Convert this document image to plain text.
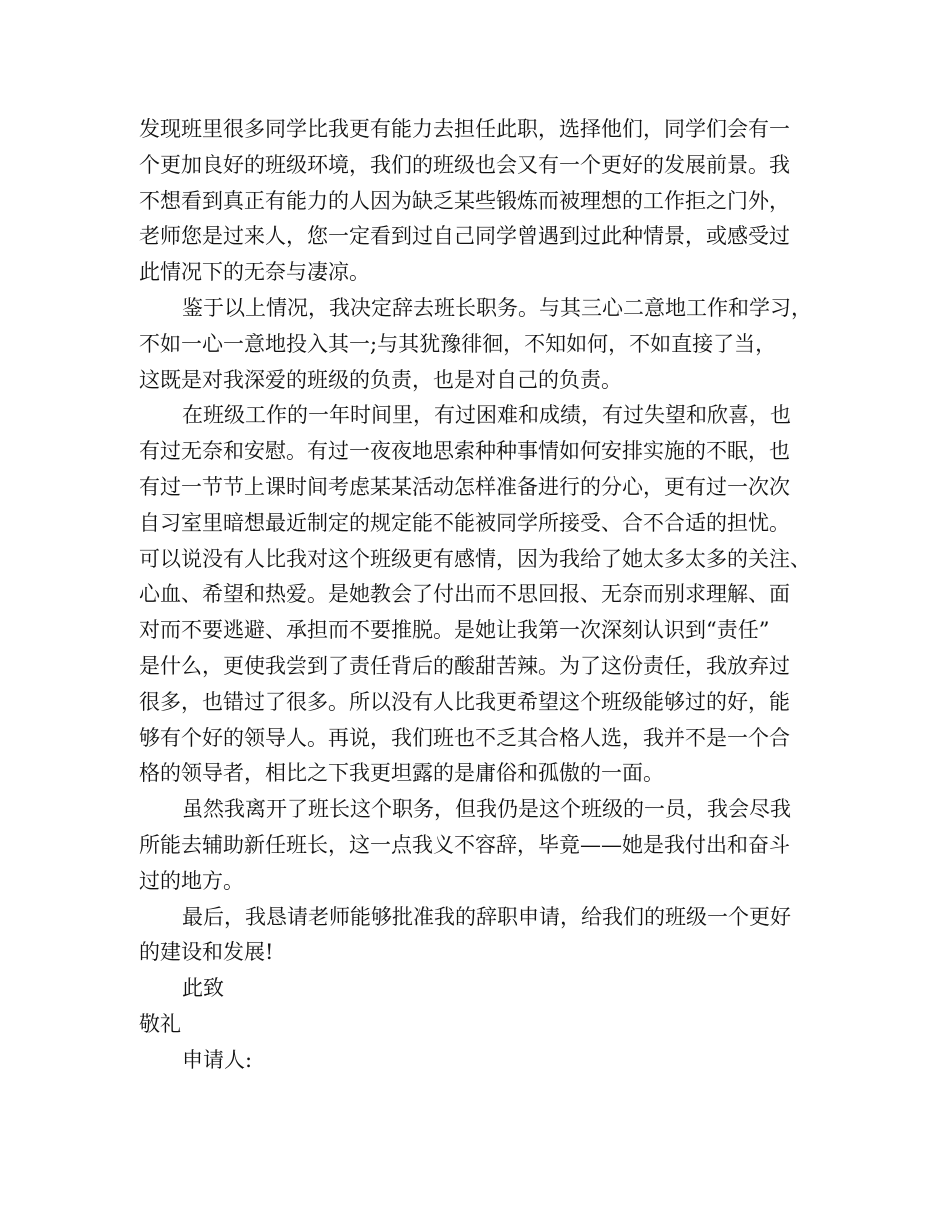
发现班里很多同学比我更有能力去担任此职，选择他们，同学们会有一
个更加良好的班级环境，我们的班级也会又有一个更好的发展前景。我
不想看到真正有能力的人因为缺乏某些锻炼而被理想的工作拒之门外，
老师您是过来人，您一定看到过自己同学曾遇到过此种情景，或感受过
此情况下的无奈与凄凉。
鉴于以上情况，我决定辞去班长职务。与其三心二意地工作和学习，
不如一心一意地投入其一;与其犹豫徘徊，不知如何，不如直接了当，
这既是对我深爱的班级的负责，也是对自己的负责。
在班级工作的一年时间里，有过困难和成绩，有过失望和欣喜，也
有过无奈和安慰。有过一夜夜地思索种种事情如何安排实施的不眠，也
有过一节节上课时间考虑某某活动怎样准备进行的分心，更有过一次次
自习室里暗想最近制定的规定能不能被同学所接受、合不合适的担忧。
可以说没有人比我对这个班级更有感情，因为我给了她太多太多的关注、
心血、希望和热爱。是她教会了付出而不思回报、无奈而别求理解、面
对而不要逃避、承担而不要推脱。是她让我第一次深刻认识到“责任”
是什么，更使我尝到了责任背后的酸甜苦辣。为了这份责任，我放弃过
很多，也错过了很多。所以没有人比我更希望这个班级能够过的好，能
够有个好的领导人。再说，我们班也不乏其合格人选，我并不是一个合
格的领导者，相比之下我更坦露的是庸俗和孤傲的一面。
虽然我离开了班长这个职务，但我仍是这个班级的一员，我会尽我
所能去辅助新任班长，这一点我义不容辞，毕竟——她是我付出和奋斗
过的地方。
最后，我恳请老师能够批准我的辞职申请，给我们的班级一个更好
的建设和发展!
此致
敬礼
申请人:
